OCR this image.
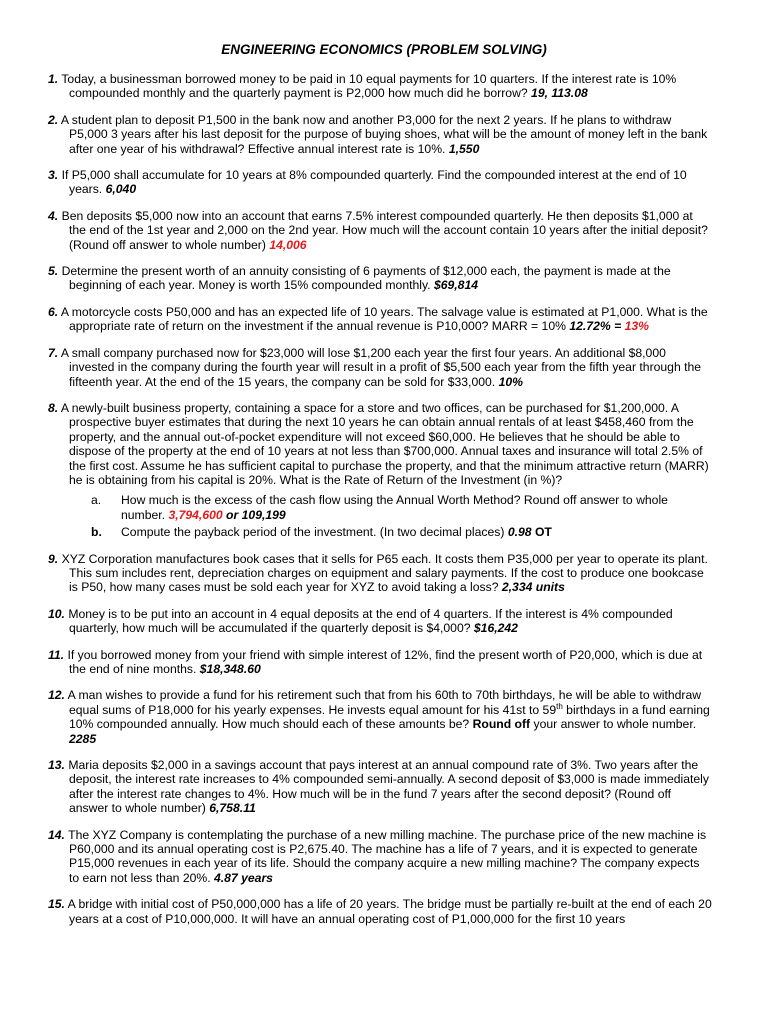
ENGINEERING ECONOMICS (PROBLEM SOLVING)
1. Today, a businessman borrowed money to be paid in 10 equal payments for 10 quarters. If the interest rate is 10% compounded monthly and the quarterly payment is P2,000 how much did he borrow? 19, 113.08
2. A student plan to deposit P1,500 in the bank now and another P3,000 for the next 2 years. If he plans to withdraw P5,000 3 years after his last deposit for the purpose of buying shoes, what will be the amount of money left in the bank after one year of his withdrawal? Effective annual interest rate is 10%. 1,550
3. If P5,000 shall accumulate for 10 years at 8% compounded quarterly. Find the compounded interest at the end of 10 years. 6,040
4. Ben deposits $5,000 now into an account that earns 7.5% interest compounded quarterly. He then deposits $1,000 at the end of the 1st year and 2,000 on the 2nd year. How much will the account contain 10 years after the initial deposit? (Round off answer to whole number) 14,006
5. Determine the present worth of an annuity consisting of 6 payments of $12,000 each, the payment is made at the beginning of each year. Money is worth 15% compounded monthly. $69,814
6. A motorcycle costs P50,000 and has an expected life of 10 years. The salvage value is estimated at P1,000. What is the appropriate rate of return on the investment if the annual revenue is P10,000? MARR = 10% 12.72% = 13%
7. A small company purchased now for $23,000 will lose $1,200 each year the first four years. An additional $8,000 invested in the company during the fourth year will result in a profit of $5,500 each year from the fifth year through the fifteenth year. At the end of the 15 years, the company can be sold for $33,000. 10%
8. A newly-built business property, containing a space for a store and two offices, can be purchased for $1,200,000. A prospective buyer estimates that during the next 10 years he can obtain annual rentals of at least $458,460 from the property, and the annual out-of-pocket expenditure will not exceed $60,000. He believes that he should be able to dispose of the property at the end of 10 years at not less than $700,000. Annual taxes and insurance will total 2.5% of the first cost. Assume he has sufficient capital to purchase the property, and that the minimum attractive return (MARR) he is obtaining from his capital is 20%. What is the Rate of Return of the Investment (in %)?
a.	How much is the excess of the cash flow using the Annual Worth Method? Round off answer to whole number. 3,794,600 or 109,199
b.	Compute the payback period of the investment. (In two decimal places) 0.98 OT
9. XYZ Corporation manufactures book cases that it sells for P65 each. It costs them P35,000 per year to operate its plant. This sum includes rent, depreciation charges on equipment and salary payments. If the cost to produce one bookcase is P50, how many cases must be sold each year for XYZ to avoid taking a loss? 2,334 units
10. Money is to be put into an account in 4 equal deposits at the end of 4 quarters. If the interest is 4% compounded quarterly, how much will be accumulated if the quarterly deposit is $4,000? $16,242
11. If you borrowed money from your friend with simple interest of 12%, find the present worth of P20,000, which is due at the end of nine months. $18,348.60
12. A man wishes to provide a fund for his retirement such that from his 60th to 70th birthdays, he will be able to withdraw equal sums of P18,000 for his yearly expenses. He invests equal amount for his 41st to 59th birthdays in a fund earning 10% compounded annually. How much should each of these amounts be? Round off your answer to whole number. 2285
13. Maria deposits $2,000 in a savings account that pays interest at an annual compound rate of 3%. Two years after the deposit, the interest rate increases to 4% compounded semi-annually. A second deposit of $3,000 is made immediately after the interest rate changes to 4%. How much will be in the fund 7 years after the second deposit? (Round off answer to whole number) 6,758.11
14. The XYZ Company is contemplating the purchase of a new milling machine. The purchase price of the new machine is P60,000 and its annual operating cost is P2,675.40. The machine has a life of 7 years, and it is expected to generate P15,000 revenues in each year of its life. Should the company acquire a new milling machine? The company expects to earn not less than 20%. 4.87 years
15. A bridge with initial cost of P50,000,000 has a life of 20 years. The bridge must be partially re-built at the end of each 20 years at a cost of P10,000,000. It will have an annual operating cost of P1,000,000 for the first 10 years
